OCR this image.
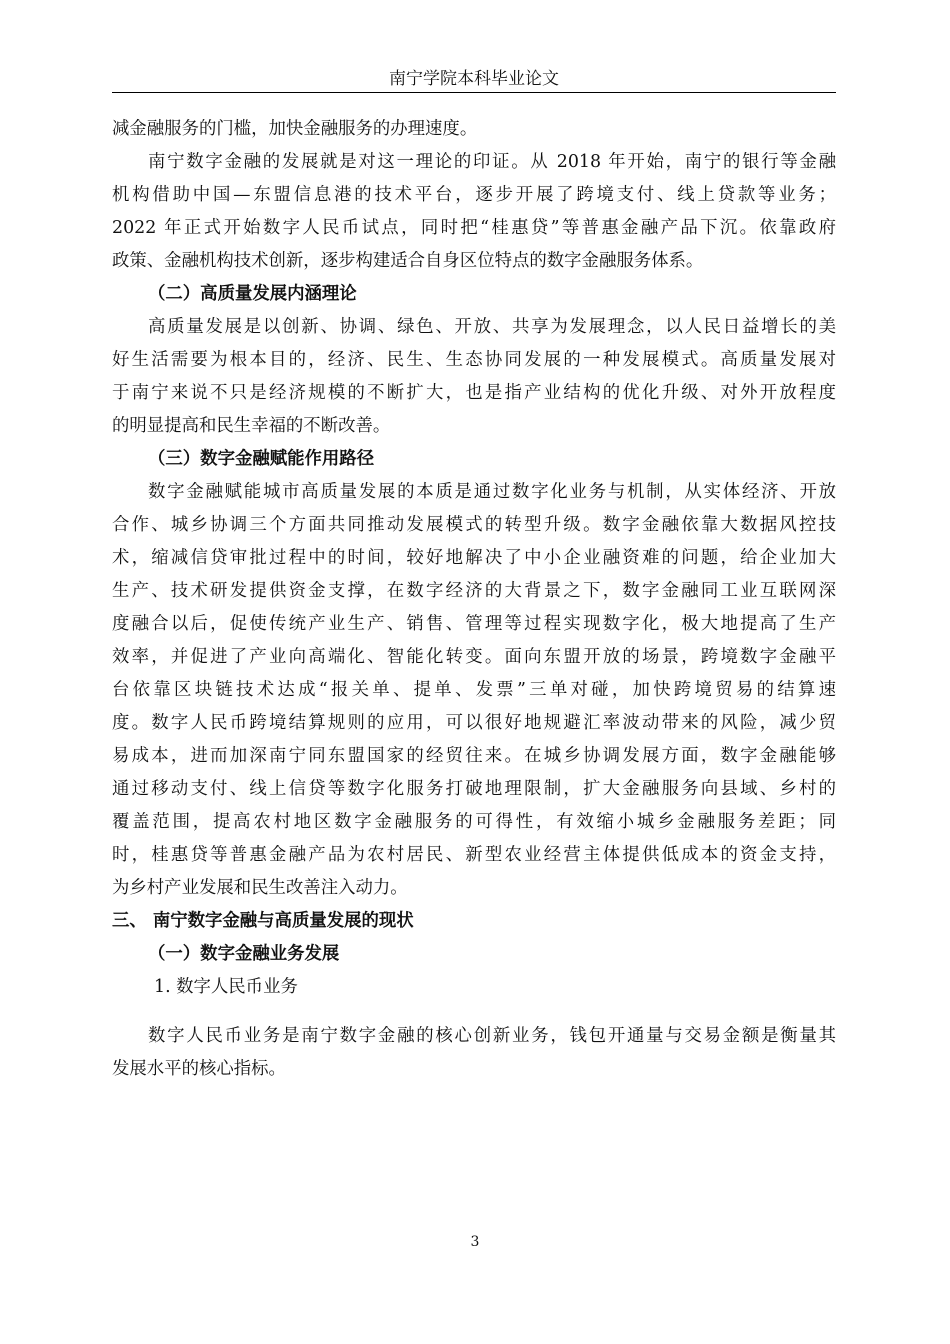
南宁学院本科毕业论文
减金融服务的门槛，加快金融服务的办理速度。
南宁数字金融的发展就是对这一理论的印证。从 2018 年开始，南宁的银行等金融
机构借助中国—东盟信息港的技术平台，逐步开展了跨境支付、线上贷款等业务；
2022 年正式开始数字人民币试点，同时把“桂惠贷”等普惠金融产品下沉。依靠政府
政策、金融机构技术创新，逐步构建适合自身区位特点的数字金融服务体系。
（二）高质量发展内涵理论
高质量发展是以创新、协调、绿色、开放、共享为发展理念，以人民日益增长的美
好生活需要为根本目的，经济、民生、生态协同发展的一种发展模式。高质量发展对
于南宁来说不只是经济规模的不断扩大，也是指产业结构的优化升级、对外开放程度
的明显提高和民生幸福的不断改善。
（三）数字金融赋能作用路径
数字金融赋能城市高质量发展的本质是通过数字化业务与机制，从实体经济、开放
合作、城乡协调三个方面共同推动发展模式的转型升级。数字金融依靠大数据风控技
术，缩减信贷审批过程中的时间，较好地解决了中小企业融资难的问题，给企业加大
生产、技术研发提供资金支撑，在数字经济的大背景之下，数字金融同工业互联网深
度融合以后，促使传统产业生产、销售、管理等过程实现数字化，极大地提高了生产
效率，并促进了产业向高端化、智能化转变。面向东盟开放的场景，跨境数字金融平
台依靠区块链技术达成“报关单、提单、发票”三单对碰，加快跨境贸易的结算速
度。数字人民币跨境结算规则的应用，可以很好地规避汇率波动带来的风险，减少贸
易成本，进而加深南宁同东盟国家的经贸往来。在城乡协调发展方面，数字金融能够
通过移动支付、线上信贷等数字化服务打破地理限制，扩大金融服务向县域、乡村的
覆盖范围，提高农村地区数字金融服务的可得性，有效缩小城乡金融服务差距；同
时，桂惠贷等普惠金融产品为农村居民、新型农业经营主体提供低成本的资金支持，
为乡村产业发展和民生改善注入动力。
三、 南宁数字金融与高质量发展的现状
（一）数字金融业务发展
1. 数字人民币业务
数字人民币业务是南宁数字金融的核心创新业务，钱包开通量与交易金额是衡量其
发展水平的核心指标。
3
